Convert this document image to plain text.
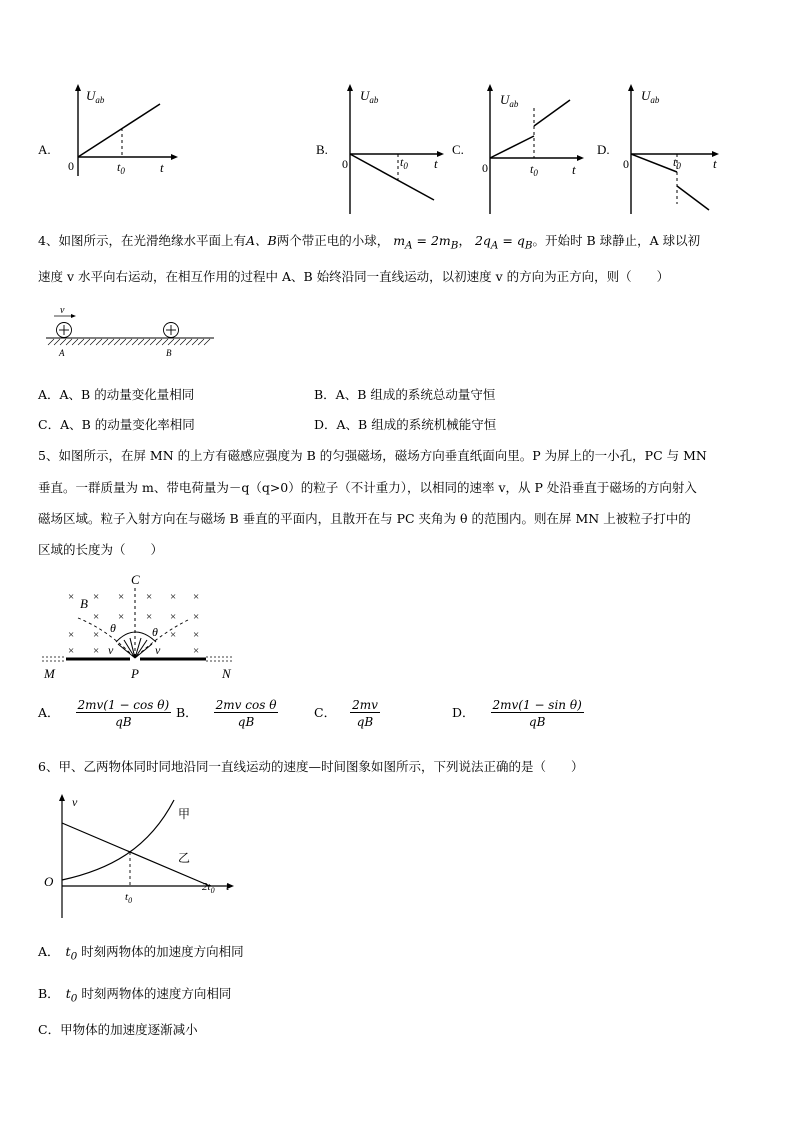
A.
$U_{ab}$
0	$t_0$	t
B.
$U_{ab}$
0	$t_0$ t
C.
$U_{ab}$
0	$t_0$	t
D.
$U_{ab}$
0	$t_0$ t
4、如图所示，在光滑绝缘水平面上有A、B两个带正电的小球， $m_A = 2m_B$， $2q_A = q_B$。开始时 B 球静止，A 球以初
速度 v 水平向右运动，在相互作用的过程中 A、B 始终沿同一直线运动，以初速度 v 的方向为正方向，则（　　）
v
A	B
A．A、B 的动量变化量相同	B．A、B 组成的系统总动量守恒
C．A、B 的动量变化率相同	D．A、B 组成的系统机械能守恒
5、如图所示，在屏 MN 的上方有磁感应强度为 B 的匀强磁场，磁场方向垂直纸面向里。P 为屏上的一小孔，PC 与 MN
垂直。一群质量为 m、带电荷量为－q（q>0）的粒子（不计重力），以相同的速率 v，从 P 处沿垂直于磁场的方向射入
磁场区域。粒子入射方向在与磁场 B 垂直的平面内，且散开在与 PC 夹角为 θ 的范围内。则在屏 MN 上被粒子打中的
区域的长度为（　　）
× × × × × ×
× × × × ×
× ×	× ×
× ×	×
C
B
θ	θ
v	v
M	P	N
A． $\frac{\text{2mv(1 − cos θ)}}{qB}$ B． $\frac{\text{2mv cos θ}}{qB}$	C． $\frac{2mv}{qB}$	D． $\frac{\text{2mv(1 − sin θ)}}{qB}$
6、甲、乙两物体同时同地沿同一直线运动的速度—时间图象如图所示，下列说法正确的是（　　）
v
O	t
$t_0$
$2t_0$
甲
乙
A． $t_0$ 时刻两物体的加速度方向相同
B． $t_0$ 时刻两物体的速度方向相同
C．甲物体的加速度逐渐减小
